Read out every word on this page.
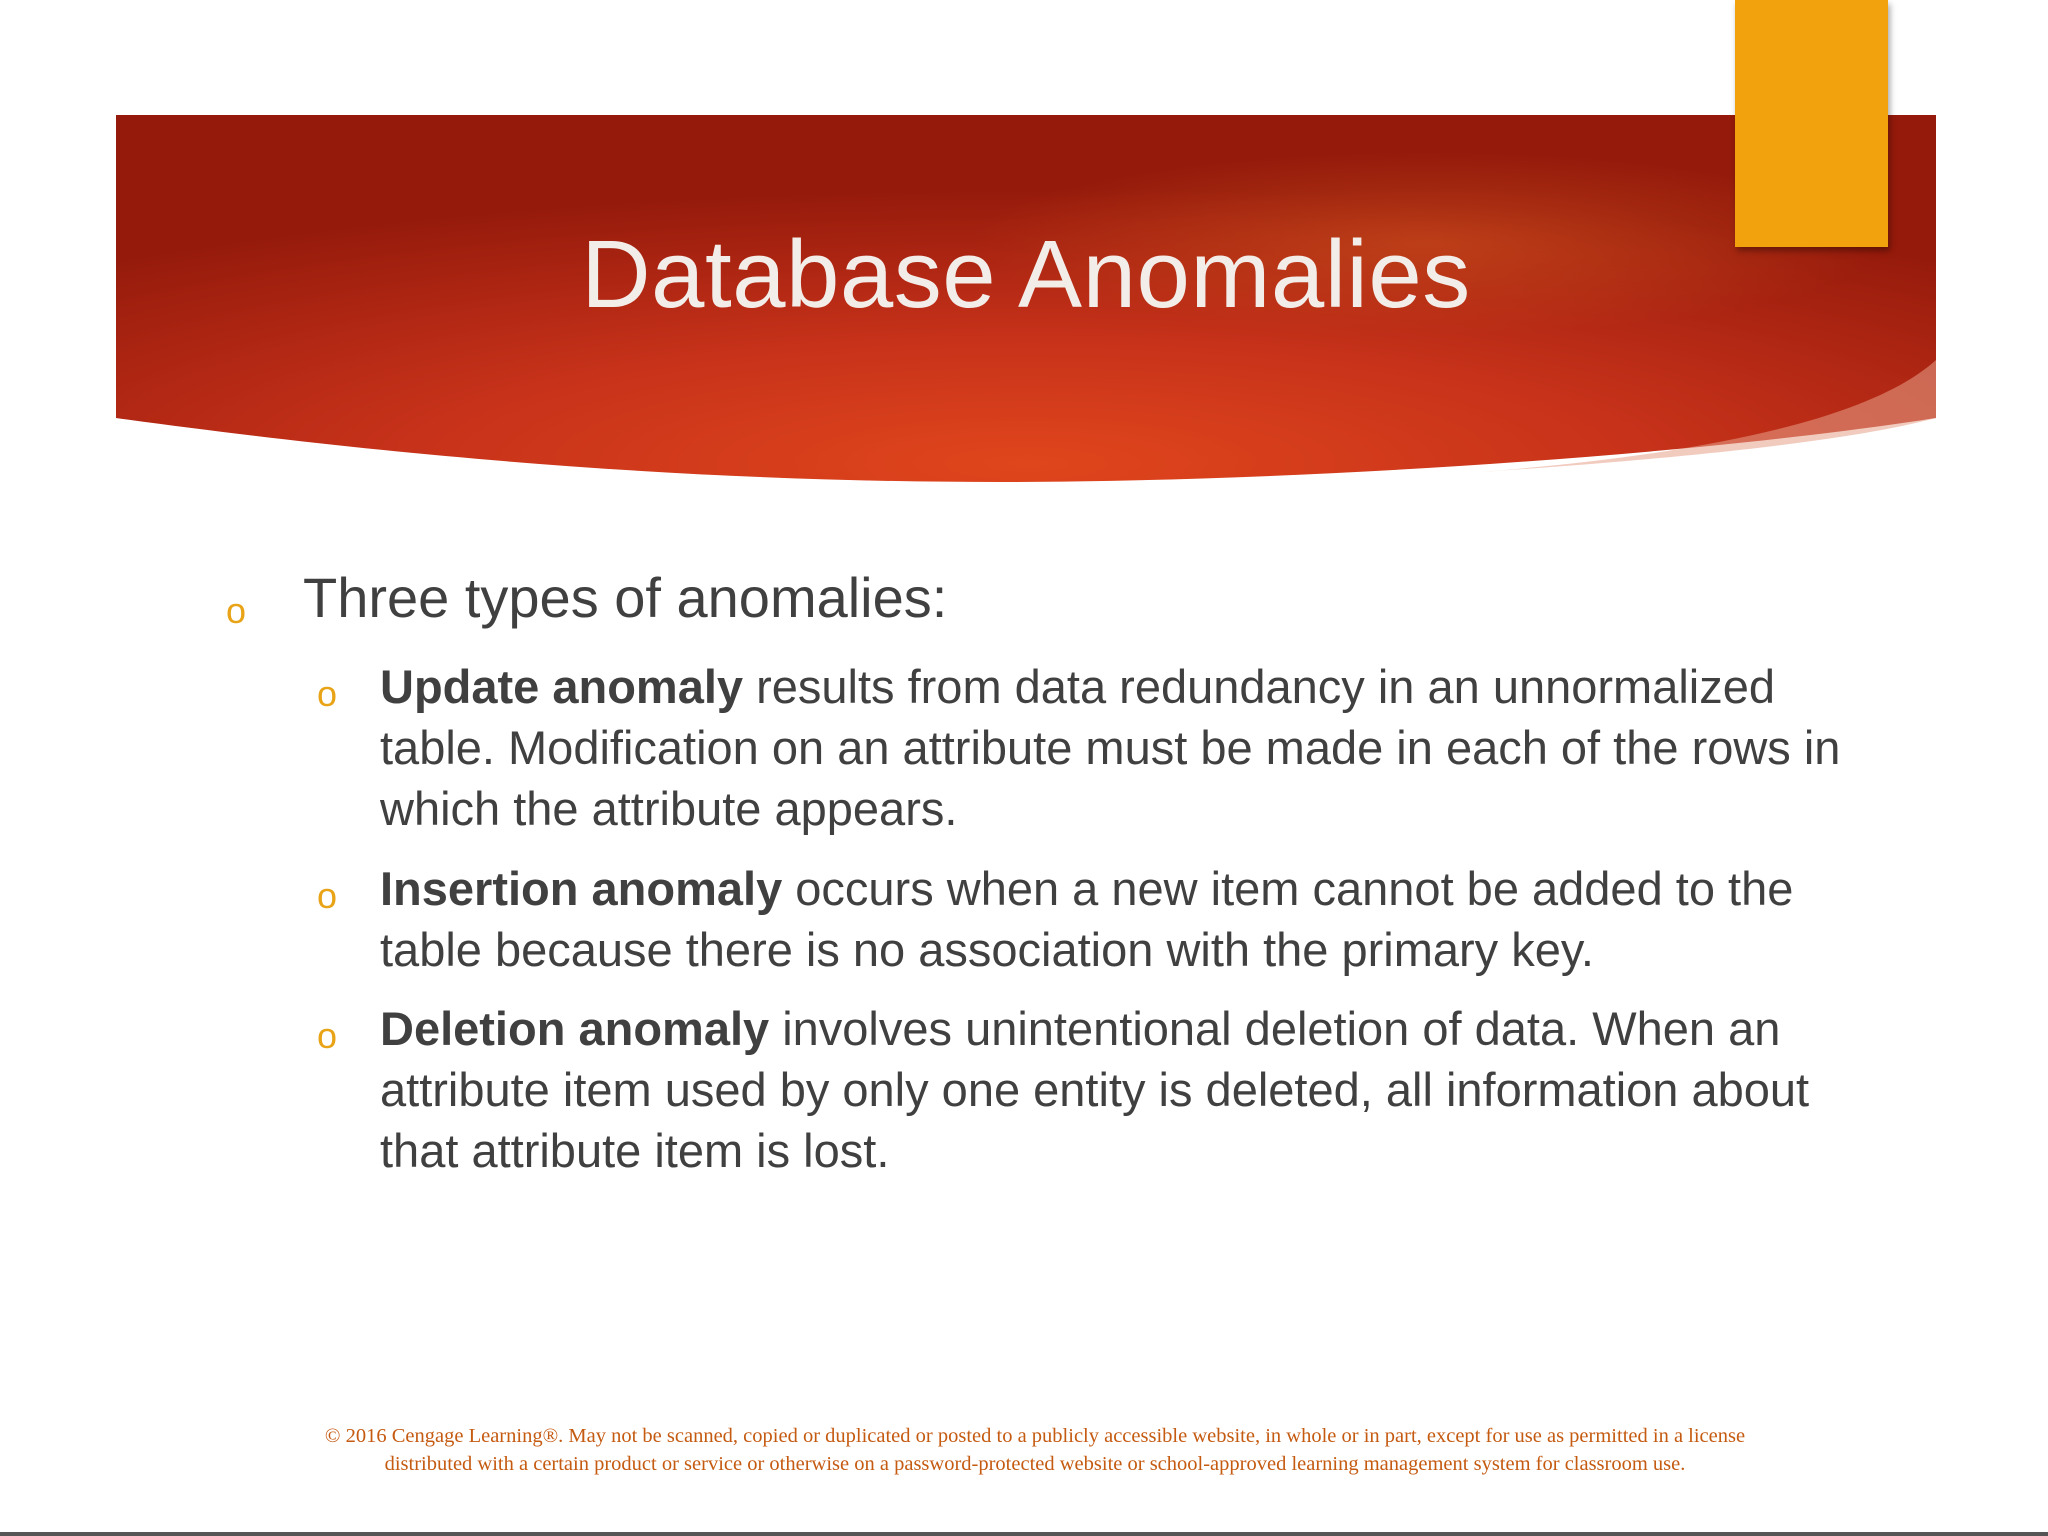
Database Anomalies
o Three types of anomalies:
o Update anomaly results from data redundancy in an unnormalized table. Modification on an attribute must be made in each of the rows in which the attribute appears.
o Insertion anomaly occurs when a new item cannot be added to the table because there is no association with the primary key.
o Deletion anomaly involves unintentional deletion of data. When an attribute item used by only one entity is deleted, all information about that attribute item is lost.
© 2016 Cengage Learning®. May not be scanned, copied or duplicated or posted to a publicly accessible website, in whole or in part, except for use as permitted in a license
distributed with a certain product or service or otherwise on a password-protected website or school-approved learning management system for classroom use.
